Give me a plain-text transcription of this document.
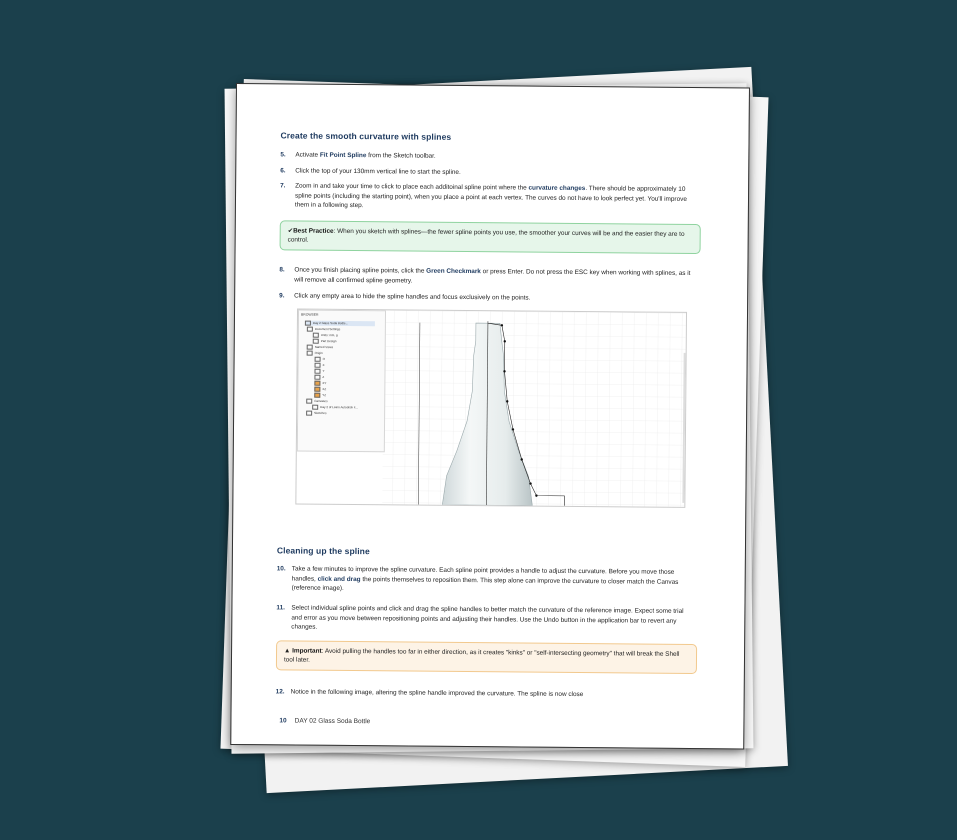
Create the smooth curvature with splines
5.	Activate Fit Point Spline from the Sketch toolbar.
6.	Click the top of your 130mm vertical line to start the spline.
7.	Zoom in and take your time to click to place each additoinal spline point where the curvature changes. There should be approximately 10 spline points (including the starting point), when you place a point at each vertex. The curves do not have to look perfect yet. You'll improve them in a following step.
✔Best Practice: When you sketch with splines—the fewer spline points you use, the smoother your curves will be and the easier they are to control.
8.	Once you finish placing spline points, click the Green Checkmark or press Enter. Do not press the ESC key when working with splines, as it will remove all confirmed spline geometry.
9.	Click any empty area to hide the spline handles and focus exclusively on the points.
BROWSER
Day 2 Glass Soda Bottle...
Document Settings
Units: mm, g
Part Design
Named Views
Origin
O
X
Y
Z
XY
XZ
YZ
Canvases
Day 2 of Learn Autodesk F...
Sketches
Cleaning up the spline
10. Take a few minutes to improve the spline curvature. Each spline point provides a handle to adjust the curvature. Before you move those handles, click and drag the points themselves to reposition them. This step alone can improve the curvature to closer match the Canvas (reference image).
11.	Select individual spline points and click and drag the spline handles to better match the curvature of the reference image. Expect some trial and error as you move between repositioning points and adjusting their handles. Use the Undo button in the application bar to revert any changes.
▲ Important: Avoid pulling the handles too far in either direction, as it creates "kinks" or "self-intersecting geometry" that will break the Shell tool later.
12. Notice in the following image, altering the spline handle improved the curvature. The spline is now close
10 DAY 02 Glass Soda Bottle
